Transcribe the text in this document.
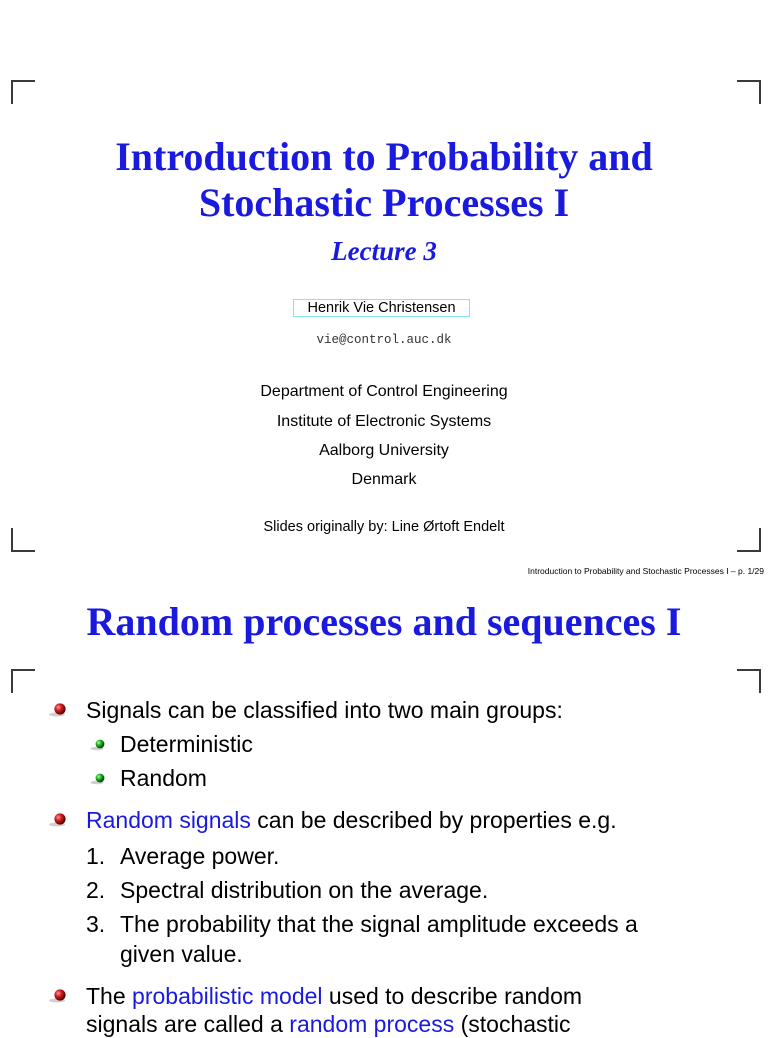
Introduction to Probability and
Stochastic Processes I
Lecture 3
Henrik Vie Christensen
vie@control.auc.dk
Department of Control Engineering
Institute of Electronic Systems
Aalborg University
Denmark
Slides originally by: Line Ørtoft Endelt
Introduction to Probability and Stochastic Processes I – p. 1/29
Random processes and sequences I
Signals can be classified into two main groups:
Deterministic
Random
Random signals can be described by properties e.g.
1. Average power.
2. Spectral distribution on the average.
3. The probability that the signal amplitude exceeds a
given value.
The probabilistic model used to describe random
signals are called a random process (stochastic
